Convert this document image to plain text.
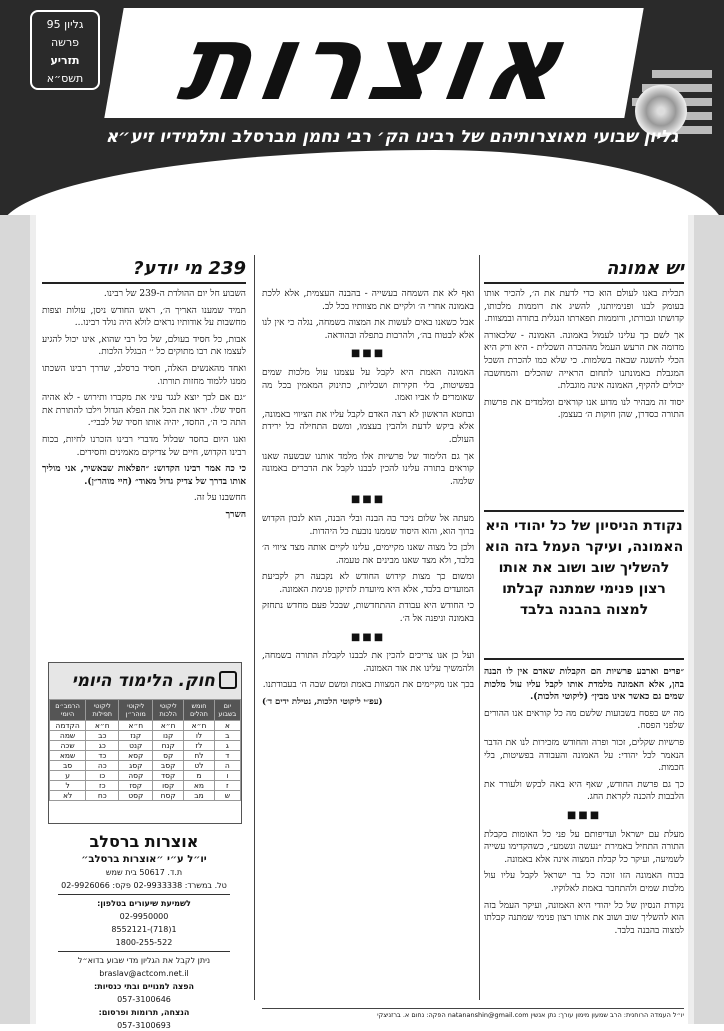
גליון 95
פרשה
תזריע
תשס״א אוצרות
גליון שבועי מאוצרותיהם של רבינו הק׳ רבי נחמן מברסלב ותלמידיו זיע״א
יש אמונה

תכלית באנו לעולם הוא כדי לדעת את ה׳, להכיר אותו בעומק לבנו ופנימיותנו, להשיג את רוממות מלכותו, קדושתו וגבורתו, ורוממות תפארתו הנגלית בתורה ובמצוות.

אך לשם כך עלינו לעמול באמונה. האמונה - שלכאורה מדומה את הרעש העמל מההכרה השכלית - היא ורק היא הכלי להשגה שבאה בשלמות. כי שלא כמו להכרת השכל המגבלת באמונתנו לתחום הראייה שהכלים והמחשבה יכולים להקיף, האמונה אינה מוגבלת.

יסוד זה מבהיר לנו מדוע אנו קוראים ומלמדים את פרשות התורה כסדרן, שהן חוקות ה׳ בעצמן.

נקודת הניסיון של כל יהודי היא האמונה, ועיקר העמל בזה הוא להשליך שוב ושוב את אותו רצון פנימי שמתנה קבלתו למצוה בהבנה בלבד

״פרים וארבע פרשיות הם הקבלות שאדם אין לו הבנה בהן, אלא האמונה מלמדת אותו לקבל עליו עול מלכות שמים גם כאשר אינו מבין״ (ליקוטי הלכות).

מה יש בפסח בשבועות שלשם מה כל קוראים אנו ההורים שלפני הפסח.

פרשיות שקלים, זכור ופרה והחודש מזכירות לנו את הדבר הנאמר לכל יהודי: על האמונה והעבודה בפשיטות, בלי חכמות.

כך גם פרשת החודש, שאף היא באה לבקש ולעורר את הלבבות להכנה לקראת החג.

■■■

מעלת עם ישראל ועדיפותם על פני כל האומות בקבלת התורה התחיל באמירת ״נעשה ונשמע״, כשהקדימו עשייה לשמיעה, ועיקר כל קבלת המצוה אינה אלא באמונה.

בכוח האמונה הזו זוכה כל בר ישראל לקבל עליו עול מלכות שמים ולהתחבר באמת לאלוקיו.

נקודת הנסיון של כל יהודי היא האמונה, ועיקר העמל בזה הוא להשליך שוב ושוב את אותו רצון פנימי שמתנה קבלתו למצוה בהבנה בלבד.

ואף לא את השמחה בעשייה - בהבנה העצמית, אלא ללכת באמונה אחרי ה׳ ולקיים את מצוותיו בכל לב.

אבל כשאנו באים לעשות את המצוה בשמחה, נגלה כי אין לנו אלא לבטוח בה׳, ולהרבות בתפלה ובהודאה.

■■■

האמונה האמת היא לקבל על עצמנו עול מלכות שמים בפשיטות, בלי חקירות ושכליות, כתינוק המאמין בכל מה שאומרים לו אביו ואמו.

ובחטא הראשון לא רצה האדם לקבל עליו את הציווי באמונה, אלא ביקש לדעת ולהבין בעצמו, ומשם התחילה כל ירידת העולם.

אך גם הלימוד של פרשיות אלו מלמד אותנו שבשעה שאנו קוראים בתורה עלינו להכין לבבנו לקבל את הדברים באמונה שלמה.

■■■

מעתה אל שלום ניכר בה הבנה ובלי הבנה, הוא לנכון הקדוש ברוך הוא, והוא היסוד שממנו נובעת כל היהדות.

ולכן כל מצוה שאנו מקיימים, עלינו לקיים אותה מצד ציווי ה׳ בלבד, ולא מצד שאנו מבינים את טעמה.

ומשום כך מצות קידוש החודש לא נקבעה רק לקביעת המועדים בלבד, אלא היא מיועדת לתיקון פגימת האמונה.

כי החודש היא עבודת ההתחדשות, שבכל פעם מחדש נתחזק באמונה וניפנה אל ה׳.

■■■

ועל כן אנו צריכים להכין את לבבנו לקבלת התורה בשמחה, ולהמשיך עלינו את אור האמונה.

בכך אנו מקיימים את המצוות באמת ומשם שבה ה׳ בעבודתנו.

(עפ״י ליקוטי הלכות, נטילת ידים ד׳)

239 מי יודע?

השבוע חל יום ההולדת ה-239 של רבינו.

תמיד שמענו האריך ה׳, ראש החודש ניסן, עולות וצפות מחשבות על אודותיו נראים לולא היה נולד רבינו...

אבות, כל חסיד בעולם, של כל רבי שהוא, אינו יכול להגיע לעצמו את רבו מתוקים כל ׳׳ הבגלל הלכות.

ואחד מהאנשים האלה, חסיד ברסלב, שדרך רבינו השכתו ממנו ללמוד מחזות תורתו.

״גם אם לכך יוצא לנגד עיני את מקברו ותירוש - לא אהיה חסיד שלו. יראו את הכל את הפלא הגדול וילכו להתורת את התה כי ה׳, החסד, יהיה אותו חסיד של לבבי״.

ואנו היום בחסד שבלול מדברי רבינו הזכרנו לחיות, בכוח רבינו הקדוש, חיים של צדיקים מאמינים וחסידים.

כי כה אמר רבינו הקדוש: ״הפלאות שבאשיר, אני מוליך אותו בדרך של צדיק גדול מאוד״ (חיי מוהר״ן).

חחשבנו על זה.

השרך

חוק. הלימוד היומי
יום בשבוע	חומש תהלים	ליקוטי הלכות	ליקוטי מוהר״ן	ליקוטי תפילות	הרמב״ם היומי
א	ח״א	ח״א	ח״א	ח״א	הקדמה
ב	לו	קנו	קנז	כב	שמה
ג	לז	קנח	קנט	כג	שכה
ד	לח	קס	קסא	כד	שמא
ה	לט	קסב	קסג	כה	סב
ו	מ	קסד	קסה	כו	ע
ז	מא	קסו	קסז	כז	ל
ש	מב	קסח	קסט	כח	לא
אוצרות ברסלב
יו״ל ע״י ״אוצרות ברסלב״
ת.ד. 50617 בית שמש
טל. במשרד: 02-9933338 פקס: 02-9926066
לשמיעת שיעורים בטלפון:
02-9950000
1(718)-8552121
1800-255-522
ניתן לקבל את הגליון מדי שבוע בדוא״ל
braslav@actcom.net.il
הפצה למנויים ובתי כנסיות:
057-3100646
הנצחה, תרומות ופרסום:
057-3100693
יו״ל העמדה הרוחנית: הרב שמעון מימון עורך: נתן אנשין natananshin@gmail.com הפקה: נחום א. ברזניצקי
